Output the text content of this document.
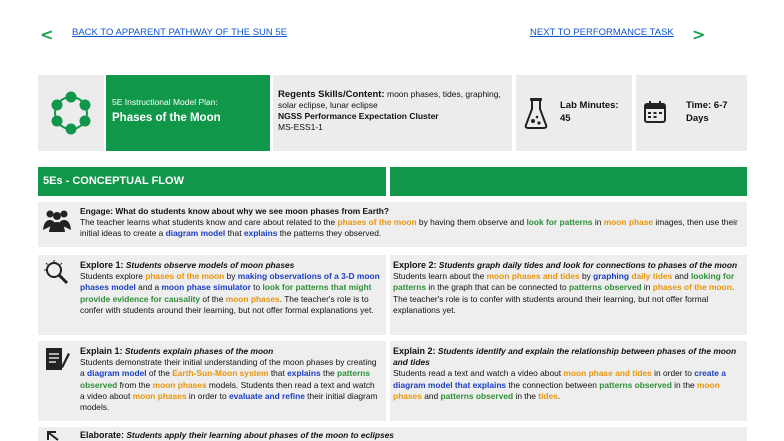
< BACK TO APPARENT PATHWAY OF THE SUN 5E	NEXT TO PERFORMANCE TASK >
5E Instructional Model Plan:
Phases of the Moon
Regents Skills/Content: moon phases, tides, graphing, solar eclipse, lunar eclipse
NGSS Performance Expectation Cluster
MS-ESS1-1
Lab Minutes:
45
Time: 6-7
Days
5Es - CONCEPTUAL FLOW
Engage: What do students know about why we see moon phases from Earth?
The teacher learns what students know and care about related to the phases of the moon by having them observe and look for patterns in moon phase images, then use their initial ideas to create a diagram model that explains the patterns they observed.
Explore 1: Students observe models of moon phases
Students explore phases of the moon by making observations of a 3-D moon phases model and a moon phase simulator to look for patterns that might provide evidence for causality of the moon phases. The teacher's role is to confer with students around their learning, but not offer formal explanations yet.
Explore 2: Students graph daily tides and look for connections to phases of the moon
Students learn about the moon phases and tides by graphing daily tides and looking for patterns in the graph that can be connected to patterns observed in phases of the moon. The teacher's role is to confer with students around their learning, but not offer formal explanations yet.
Explain 1: Students explain phases of the moon
Students demonstrate their initial understanding of the moon phases by creating a diagram model of the Earth-Sun-Moon system that explains the patterns observed from the moon phases models. Students then read a text and watch a video about moon phases in order to evaluate and refine their initial diagram models.
Explain 2: Students identify and explain the relationship between phases of the moon and tides
Students read a text and watch a video about moon phase and tides in order to create a diagram model that explains the connection between patterns observed in the moon phases and patterns observed in the tides.
Elaborate: Students apply their learning about phases of the moon to eclipses
